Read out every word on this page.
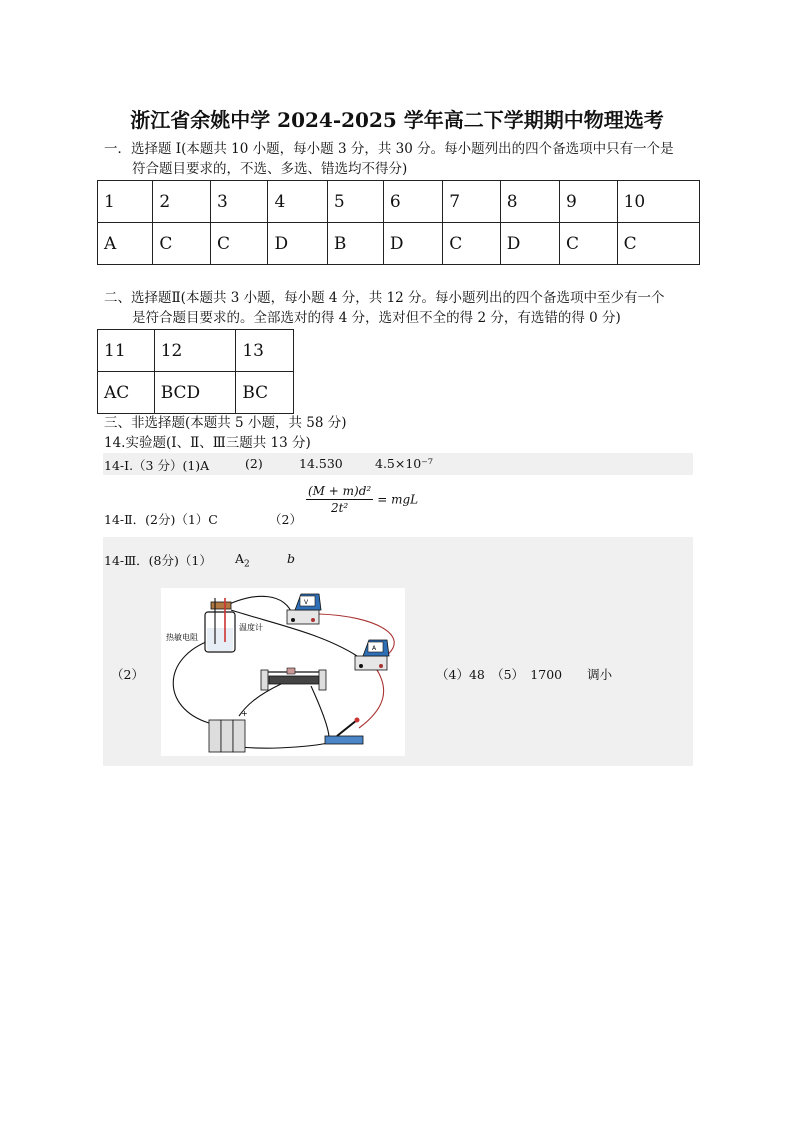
浙江省余姚中学 2024-2025 学年高二下学期期中物理选考
一．选择题 I(本题共 10 小题，每小题 3 分，共 30 分。每小题列出的四个备选项中只有一个是
符合题目要求的，不选、多选、错选均不得分)
1	2	3	4	5	6	7	8	9	10
A	C	C	D	B	D	C	D	C	C
二、选择题Ⅱ(本题共 3 小题，每小题 4 分，共 12 分。每小题列出的四个备选项中至少有一个
是符合题目要求的。全部选对的得 4 分，选对但不全的得 2 分，有选错的得 0 分)
11	12	13
AC	BCD	BC
三、非选择题(本题共 5 小题，共 58 分)
14.实验题(I、Ⅱ、Ⅲ三题共 13 分)
14-I.（3 分）(1)A	(2)	14.530	4.5×10⁻⁷
14-Ⅱ．(2分)（1）C	（2）
$\frac{\text{(M + m)d²}}{\text{2t²}}$ = mgL
14-Ⅲ．(8分)（1） $A_2$	b
（2）	（4）48　（5）　1700　　调小
热敏电阻
温度计
V
A
+
